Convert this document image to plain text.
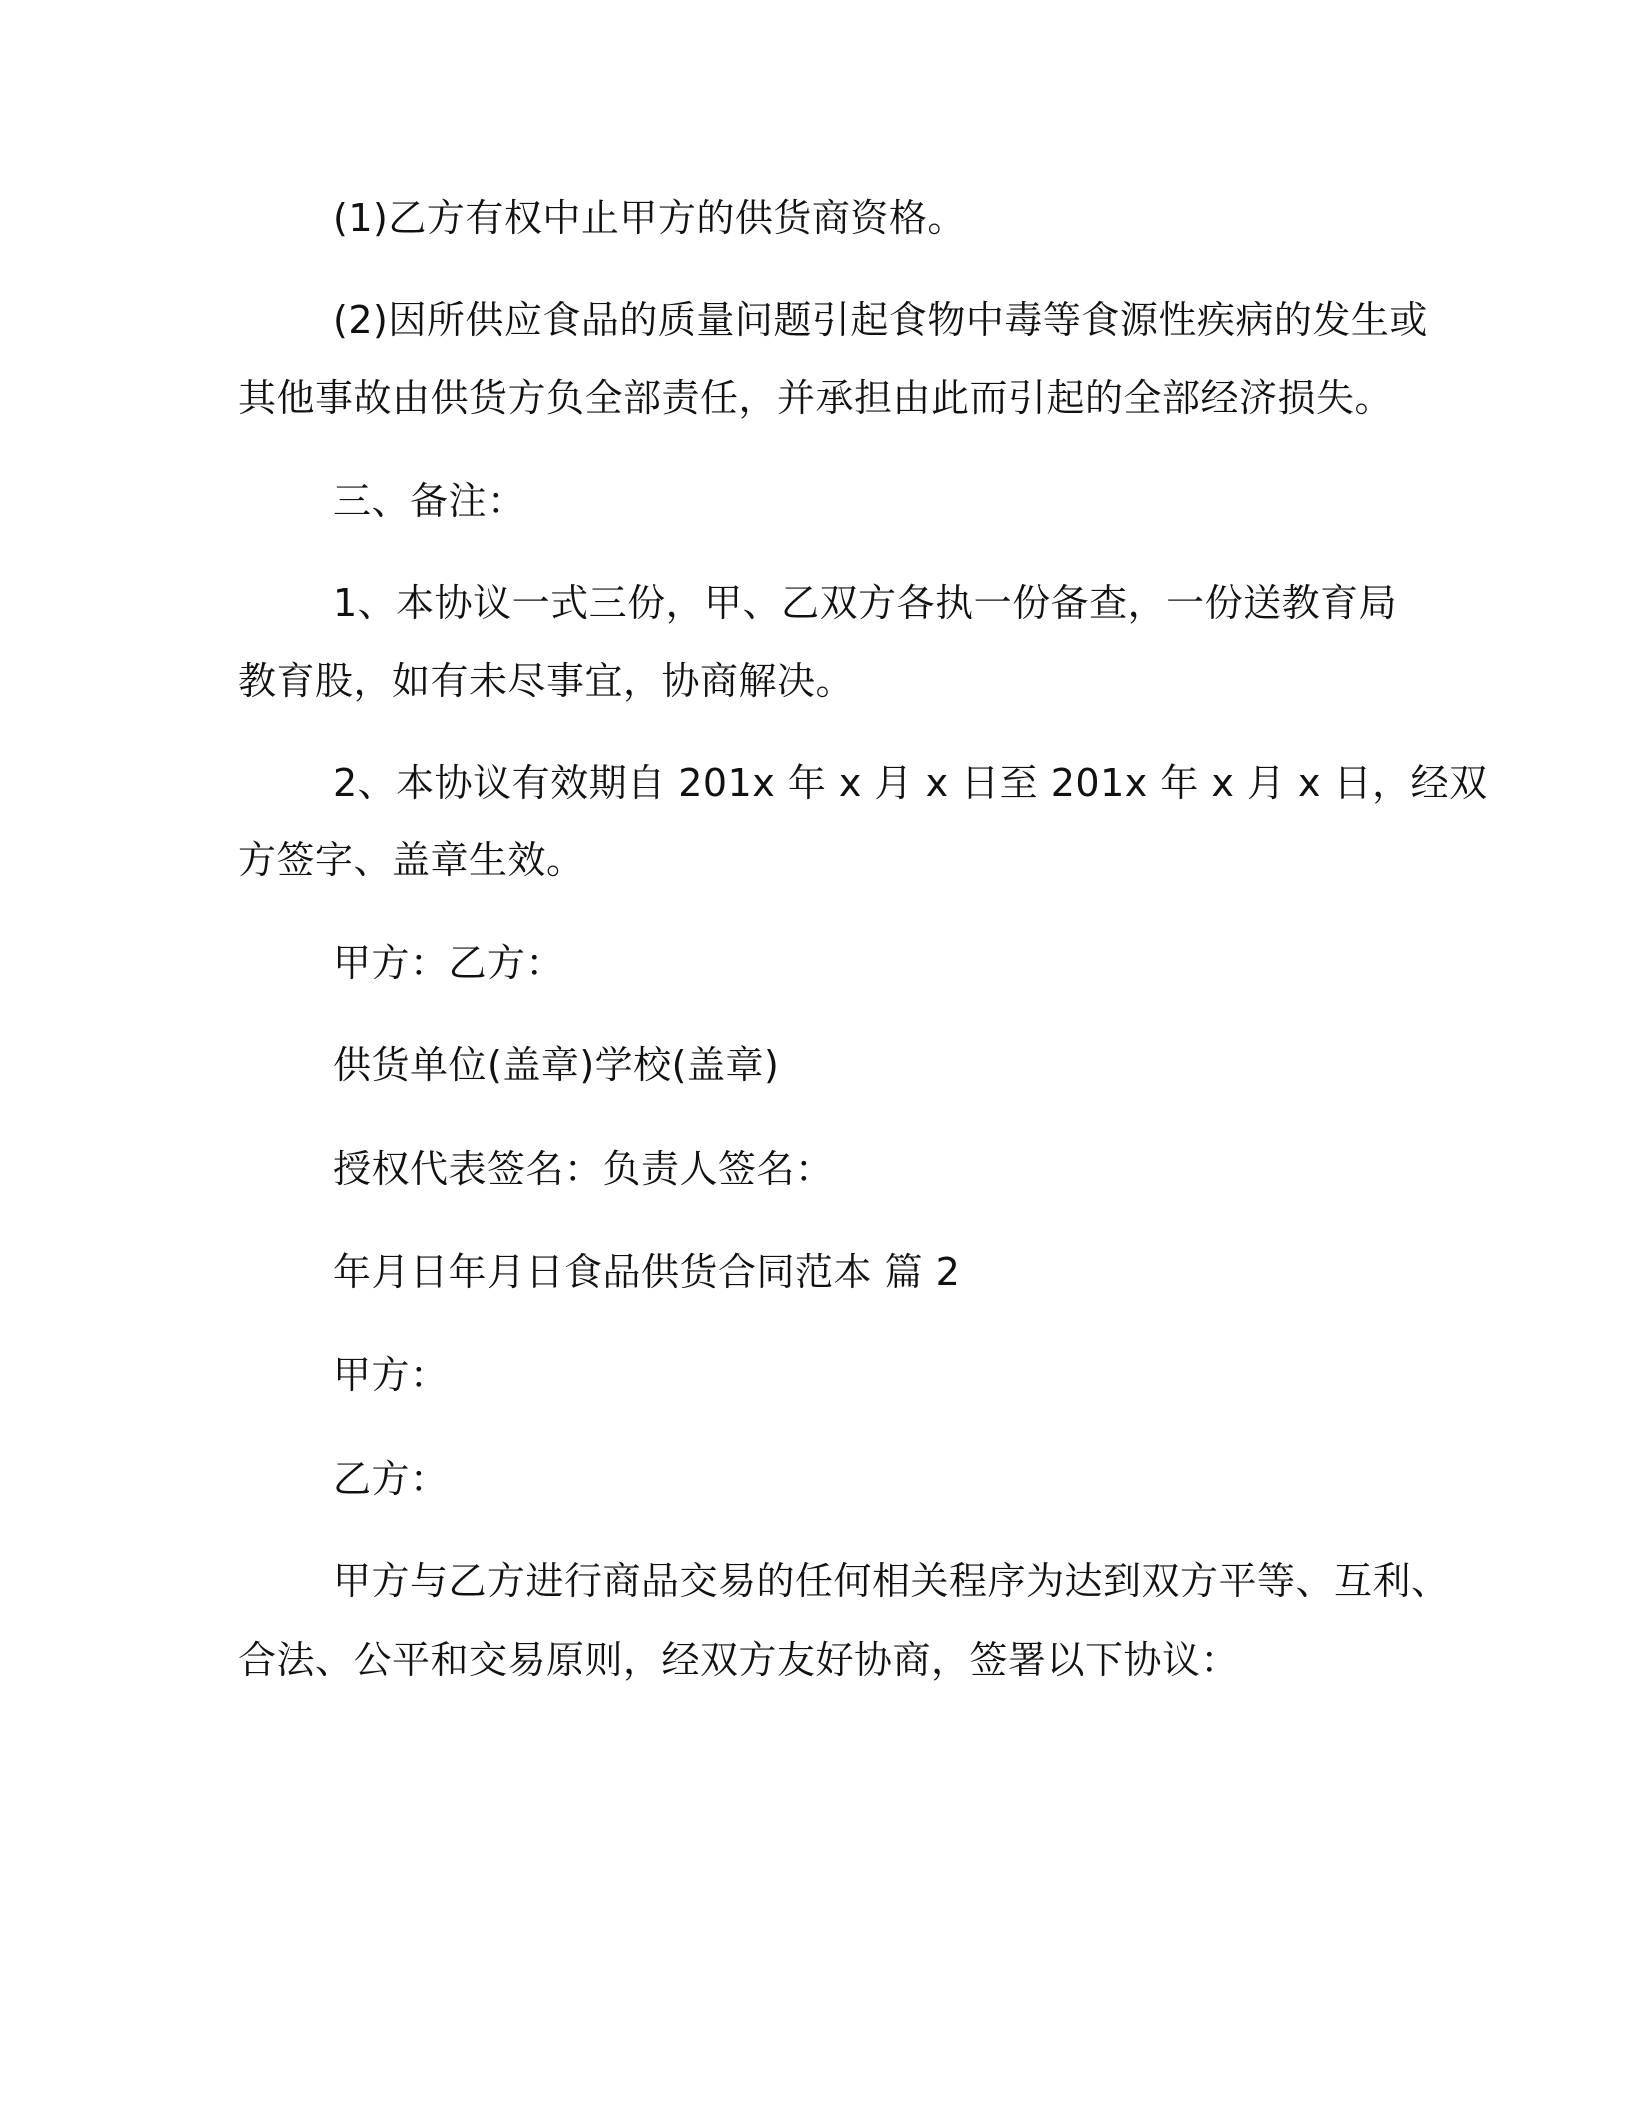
(1)乙方有权中止甲方的供货商资格。
(2)因所供应食品的质量问题引起食物中毒等食源性疾病的发生或
其他事故由供货方负全部责任，并承担由此而引起的全部经济损失。
三、备注：
1、本协议一式三份，甲、乙双方各执一份备查，一份送教育局
教育股，如有未尽事宜，协商解决。
2、本协议有效期自 201x 年 x 月 x 日至 201x 年 x 月 x 日，经双
方签字、盖章生效。
甲方：乙方：
供货单位(盖章)学校(盖章)
授权代表签名：负责人签名：
年月日年月日食品供货合同范本 篇 2
甲方：
乙方：
甲方与乙方进行商品交易的任何相关程序为达到双方平等、互利、
合法、公平和交易原则，经双方友好协商，签署以下协议：
